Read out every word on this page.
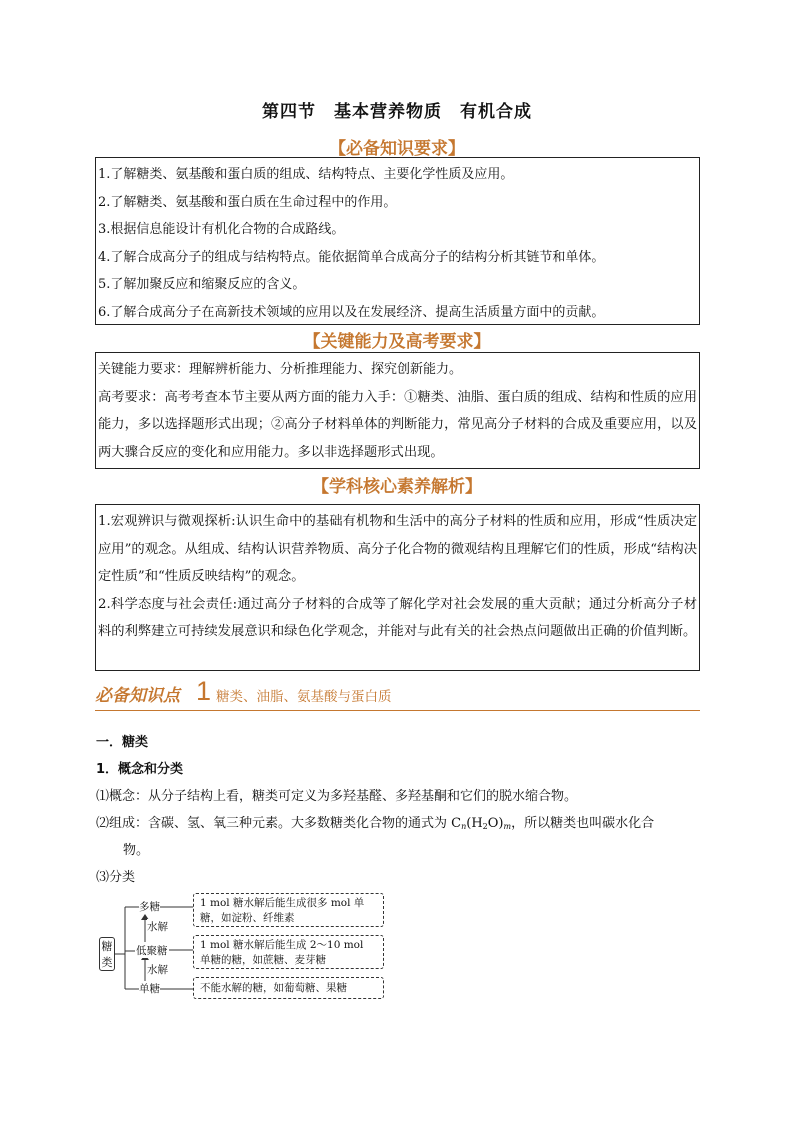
第四节　基本营养物质　有机合成
【必备知识要求】
1.了解糖类、氨基酸和蛋白质的组成、结构特点、主要化学性质及应用。
2.了解糖类、氨基酸和蛋白质在生命过程中的作用。
3.根据信息能设计有机化合物的合成路线。
4.了解合成高分子的组成与结构特点。能依据简单合成高分子的结构分析其链节和单体。
5.了解加聚反应和缩聚反应的含义。
6.了解合成高分子在高新技术领域的应用以及在发展经济、提高生活质量方面中的贡献。
【关键能力及高考要求】
关键能力要求：理解辨析能力、分析推理能力、探究创新能力。
高考要求：高考考查本节主要从两方面的能力入手：①糖类、油脂、蛋白质的组成、结构和性质的应用能力，多以选择题形式出现；②高分子材料单体的判断能力，常见高分子材料的合成及重要应用，以及两大骤合反应的变化和应用能力。多以非选择题形式出现。
【学科核心素养解析】
1.宏观辨识与微观探析:认识生命中的基础有机物和生活中的高分子材料的性质和应用，形成“性质决定应用”的观念。从组成、结构认识营养物质、高分子化合物的微观结构且理解它们的性质，形成“结构决定性质”和“性质反映结构”的观念。
2.科学态度与社会责任:通过高分子材料的合成等了解化学对社会发展的重大贡献；通过分析高分子材料的利弊建立可持续发展意识和绿色化学观念，并能对与此有关的社会热点问题做出正确的价值判断。
必备知识点 1 糖类、油脂、氨基酸与蛋白质
一．糖类
1．概念和分类
⑴概念：从分子结构上看，糖类可定义为多羟基醛、多羟基酮和它们的脱水缩合物。
⑵组成：含碳、氢、氧三种元素。大多数糖类化合物的通式为 $C_n(H_2O)_m$，所以糖类也叫碳水化合
物。
⑶分类
糖类
多糖
水解
低聚糖
水解
单糖
1 mol 糖水解后能生成很多 mol 单糖，如淀粉、纤维素
1 mol 糖水解后能生成 2～10 mol 单糖的糖，如蔗糖、麦芽糖
不能水解的糖，如葡萄糖、果糖
